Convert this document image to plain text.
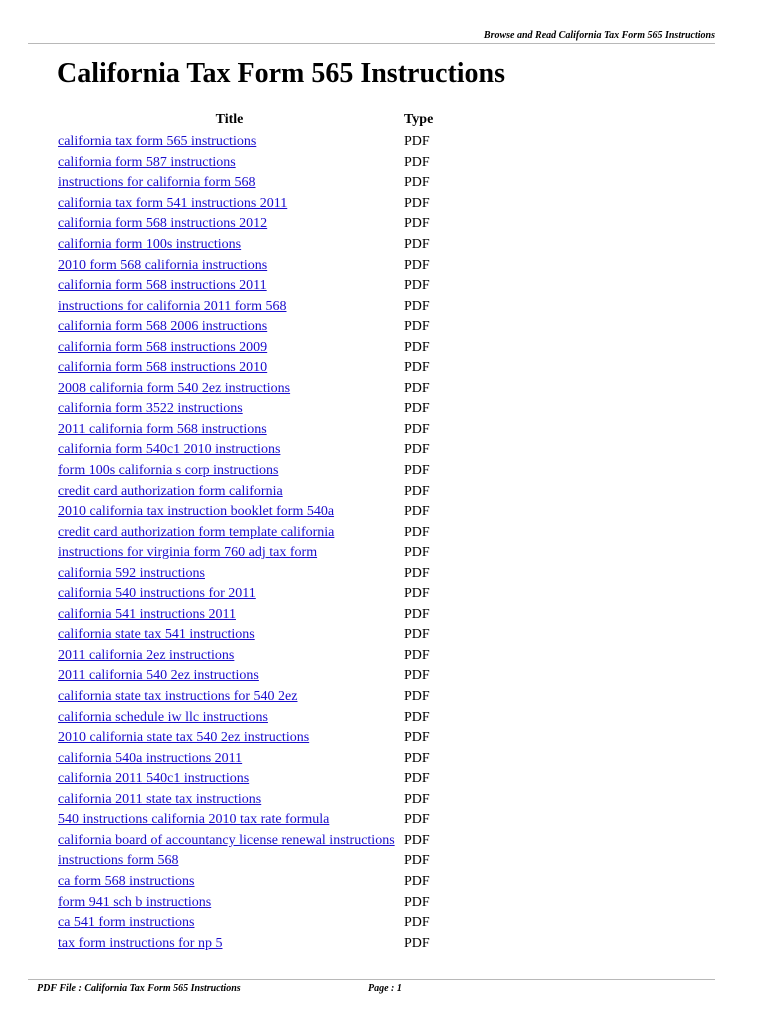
Browse and Read California Tax Form 565 Instructions
California Tax Form 565 Instructions
Title	Type
california tax form 565 instructions	PDF
california form 587 instructions	PDF
instructions for california form 568	PDF
california tax form 541 instructions 2011	PDF
california form 568 instructions 2012	PDF
california form 100s instructions	PDF
2010 form 568 california instructions	PDF
california form 568 instructions 2011	PDF
instructions for california 2011 form 568	PDF
california form 568 2006 instructions	PDF
california form 568 instructions 2009	PDF
california form 568 instructions 2010	PDF
2008 california form 540 2ez instructions	PDF
california form 3522 instructions	PDF
2011 california form 568 instructions	PDF
california form 540c1 2010 instructions	PDF
form 100s california s corp instructions	PDF
credit card authorization form california	PDF
2010 california tax instruction booklet form 540a	PDF
credit card authorization form template california	PDF
instructions for virginia form 760 adj tax form	PDF
california 592 instructions	PDF
california 540 instructions for 2011	PDF
california 541 instructions 2011	PDF
california state tax 541 instructions	PDF
2011 california 2ez instructions	PDF
2011 california 540 2ez instructions	PDF
california state tax instructions for 540 2ez	PDF
california schedule iw llc instructions	PDF
2010 california state tax 540 2ez instructions	PDF
california 540a instructions 2011	PDF
california 2011 540c1 instructions	PDF
california 2011 state tax instructions	PDF
540 instructions california 2010 tax rate formula	PDF
california board of accountancy license renewal instructions	PDF
instructions form 568	PDF
ca form 568 instructions	PDF
form 941 sch b instructions	PDF
ca 541 form instructions	PDF
tax form instructions for np 5	PDF
PDF File : California Tax Form 565 Instructions	Page : 1
